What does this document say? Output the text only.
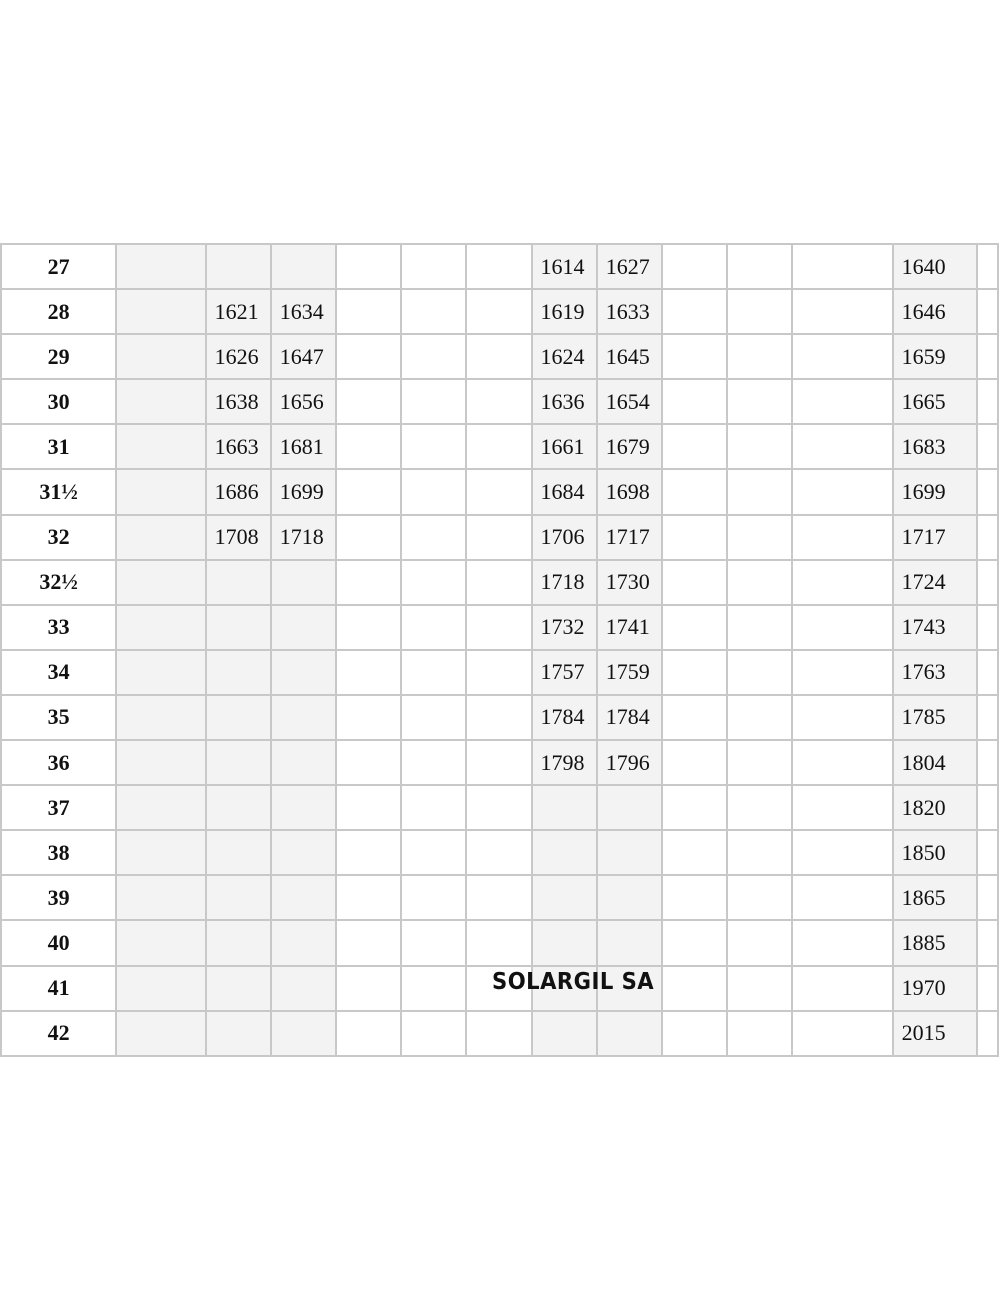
27							1614	1627				1640	
28		1621	1634				1619	1633				1646	
29		1626	1647				1624	1645				1659	
30		1638	1656				1636	1654				1665	
31		1663	1681				1661	1679				1683	
31½		1686	1699				1684	1698				1699	
32		1708	1718				1706	1717				1717	
32½							1718	1730				1724	
33							1732	1741				1743	
34							1757	1759				1763	
35							1784	1784				1785	
36							1798	1796				1804	
37												1820	
38												1850	
39												1865	
40												1885	
41												1970	
42												2015	
SOLARGIL SA
